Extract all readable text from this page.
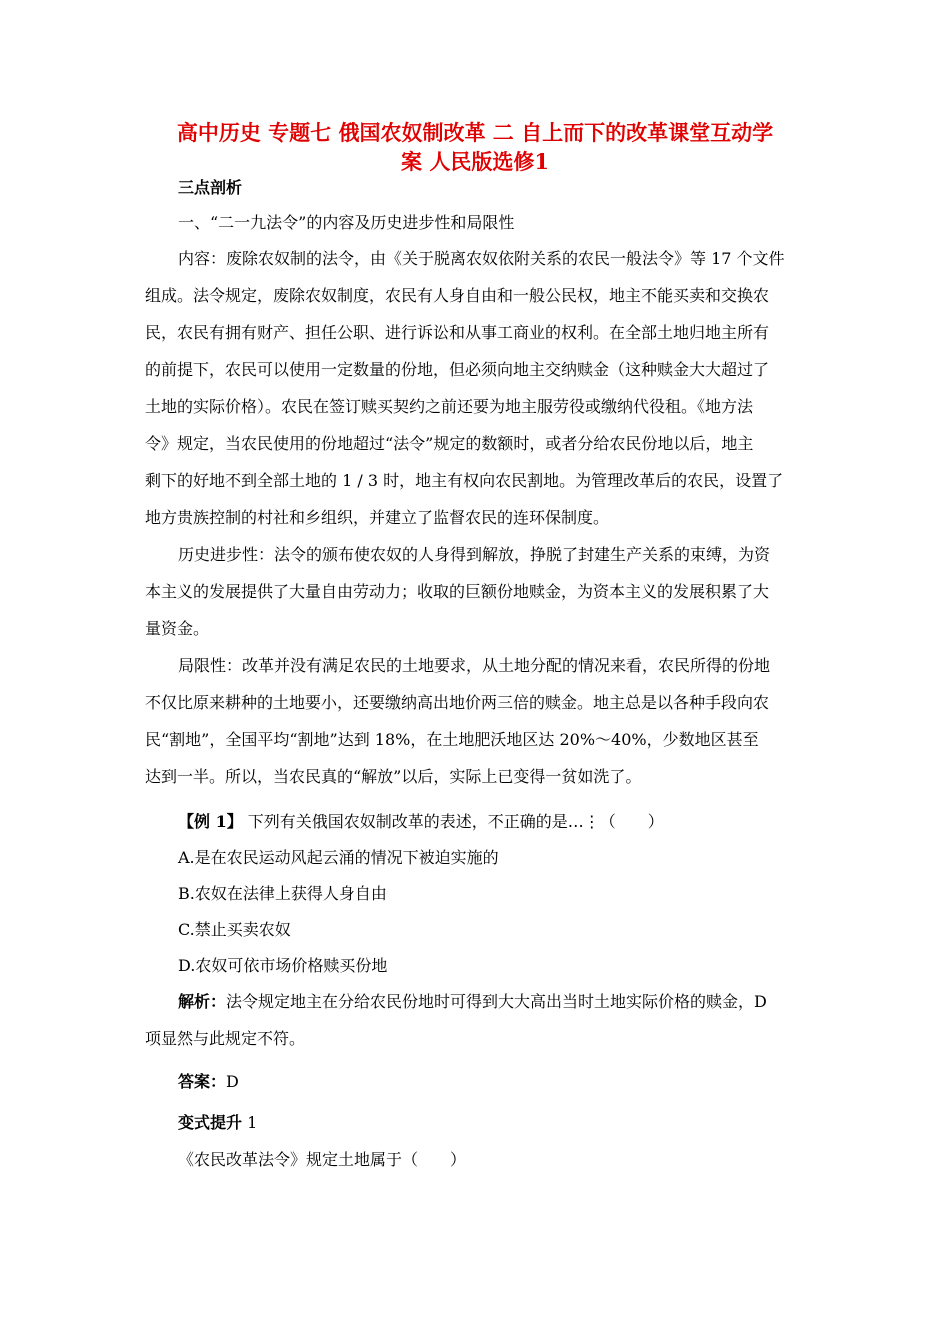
高中历史 专题七 俄国农奴制改革 二 自上而下的改革课堂互动学
案 人民版选修1
三点剖析
一、“二一九法令”的内容及历史进步性和局限性
内容：废除农奴制的法令，由《关于脱离农奴依附关系的农民一般法令》等 17 个文件
组成。法令规定，废除农奴制度，农民有人身自由和一般公民权，地主不能买卖和交换农
民，农民有拥有财产、担任公职、进行诉讼和从事工商业的权利。在全部土地归地主所有
的前提下，农民可以使用一定数量的份地，但必须向地主交纳赎金（这种赎金大大超过了
土地的实际价格）。农民在签订赎买契约之前还要为地主服劳役或缴纳代役租。《地方法
令》规定，当农民使用的份地超过“法令”规定的数额时，或者分给农民份地以后，地主
剩下的好地不到全部土地的 1 / 3 时，地主有权向农民割地。为管理改革后的农民，设置了
地方贵族控制的村社和乡组织，并建立了监督农民的连环保制度。
历史进步性：法令的颁布使农奴的人身得到解放，挣脱了封建生产关系的束缚，为资
本主义的发展提供了大量自由劳动力；收取的巨额份地赎金，为资本主义的发展积累了大
量资金。
局限性：改革并没有满足农民的土地要求，从土地分配的情况来看，农民所得的份地
不仅比原来耕种的土地要小，还要缴纳高出地价两三倍的赎金。地主总是以各种手段向农
民“割地”，全国平均“割地”达到 18%，在土地肥沃地区达 20%～40%，少数地区甚至
达到一半。所以，当农民真的“解放”以后，实际上已变得一贫如洗了。
【例 1】 下列有关俄国农奴制改革的表述，不正确的是…⋮（　　）
A.是在农民运动风起云涌的情况下被迫实施的
B.农奴在法律上获得人身自由
C.禁止买卖农奴
D.农奴可依市场价格赎买份地
解析：法令规定地主在分给农民份地时可得到大大高出当时土地实际价格的赎金，D
项显然与此规定不符。
答案：D
变式提升 1
《农民改革法令》规定土地属于（　　）
